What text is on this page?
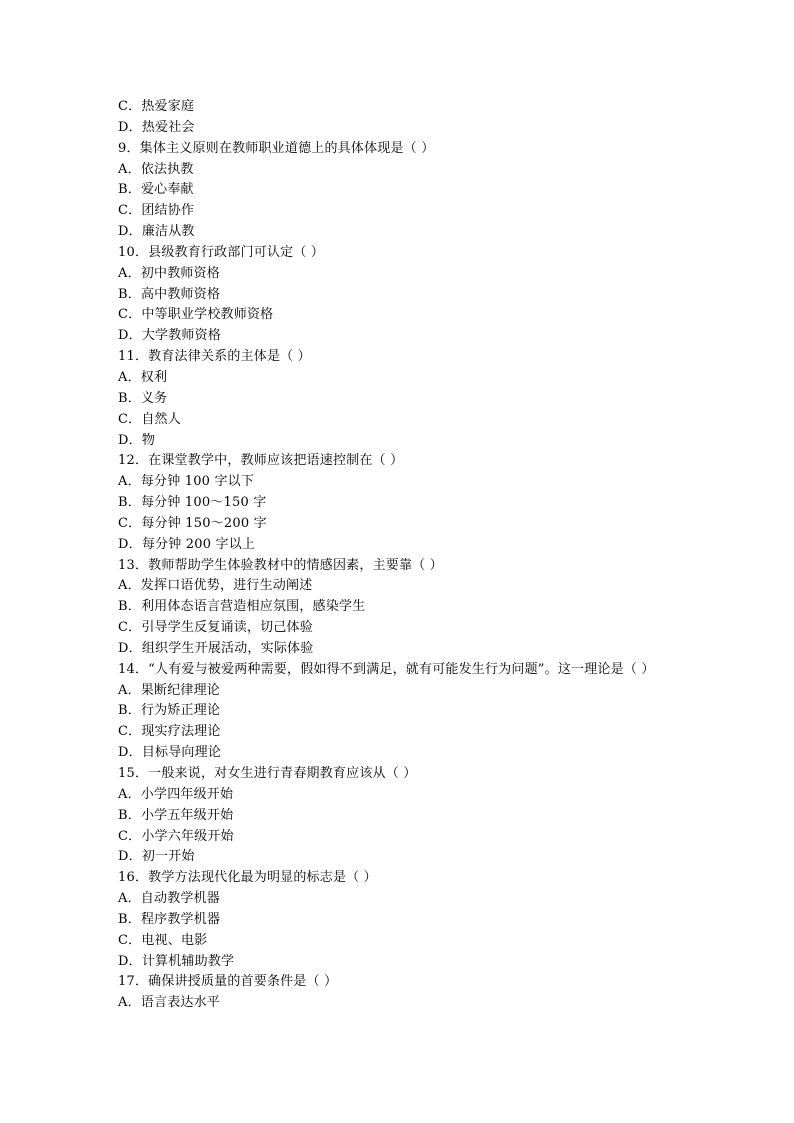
C．热爱家庭
D．热爱社会
9．集体主义原则在教师职业道德上的具体体现是（ ）
A．依法执教
B．爱心奉献
C．团结协作
D．廉洁从教
10．县级教育行政部门可认定（ ）
A．初中教师资格
B．高中教师资格
C．中等职业学校教师资格
D．大学教师资格
11．教育法律关系的主体是（ ）
A．权利
B．义务
C．自然人
D．物
12．在课堂教学中，教师应该把语速控制在（ ）
A．每分钟 100 字以下
B．每分钟 100～150 字
C．每分钟 150～200 字
D．每分钟 200 字以上
13．教师帮助学生体验教材中的情感因素，主要靠（ ）
A．发挥口语优势，进行生动阐述
B．利用体态语言营造相应氛围，感染学生
C．引导学生反复诵读，切己体验
D．组织学生开展活动，实际体验
14．“人有爱与被爱两种需要，假如得不到满足，就有可能发生行为问题”。这一理论是（ ）
A．果断纪律理论
B．行为矫正理论
C．现实疗法理论
D．目标导向理论
15．一般来说，对女生进行青春期教育应该从（ ）
A．小学四年级开始
B．小学五年级开始
C．小学六年级开始
D．初一开始
16．教学方法现代化最为明显的标志是（ ）
A．自动教学机器
B．程序教学机器
C．电视、电影
D．计算机辅助教学
17．确保讲授质量的首要条件是（ ）
A．语言表达水平
